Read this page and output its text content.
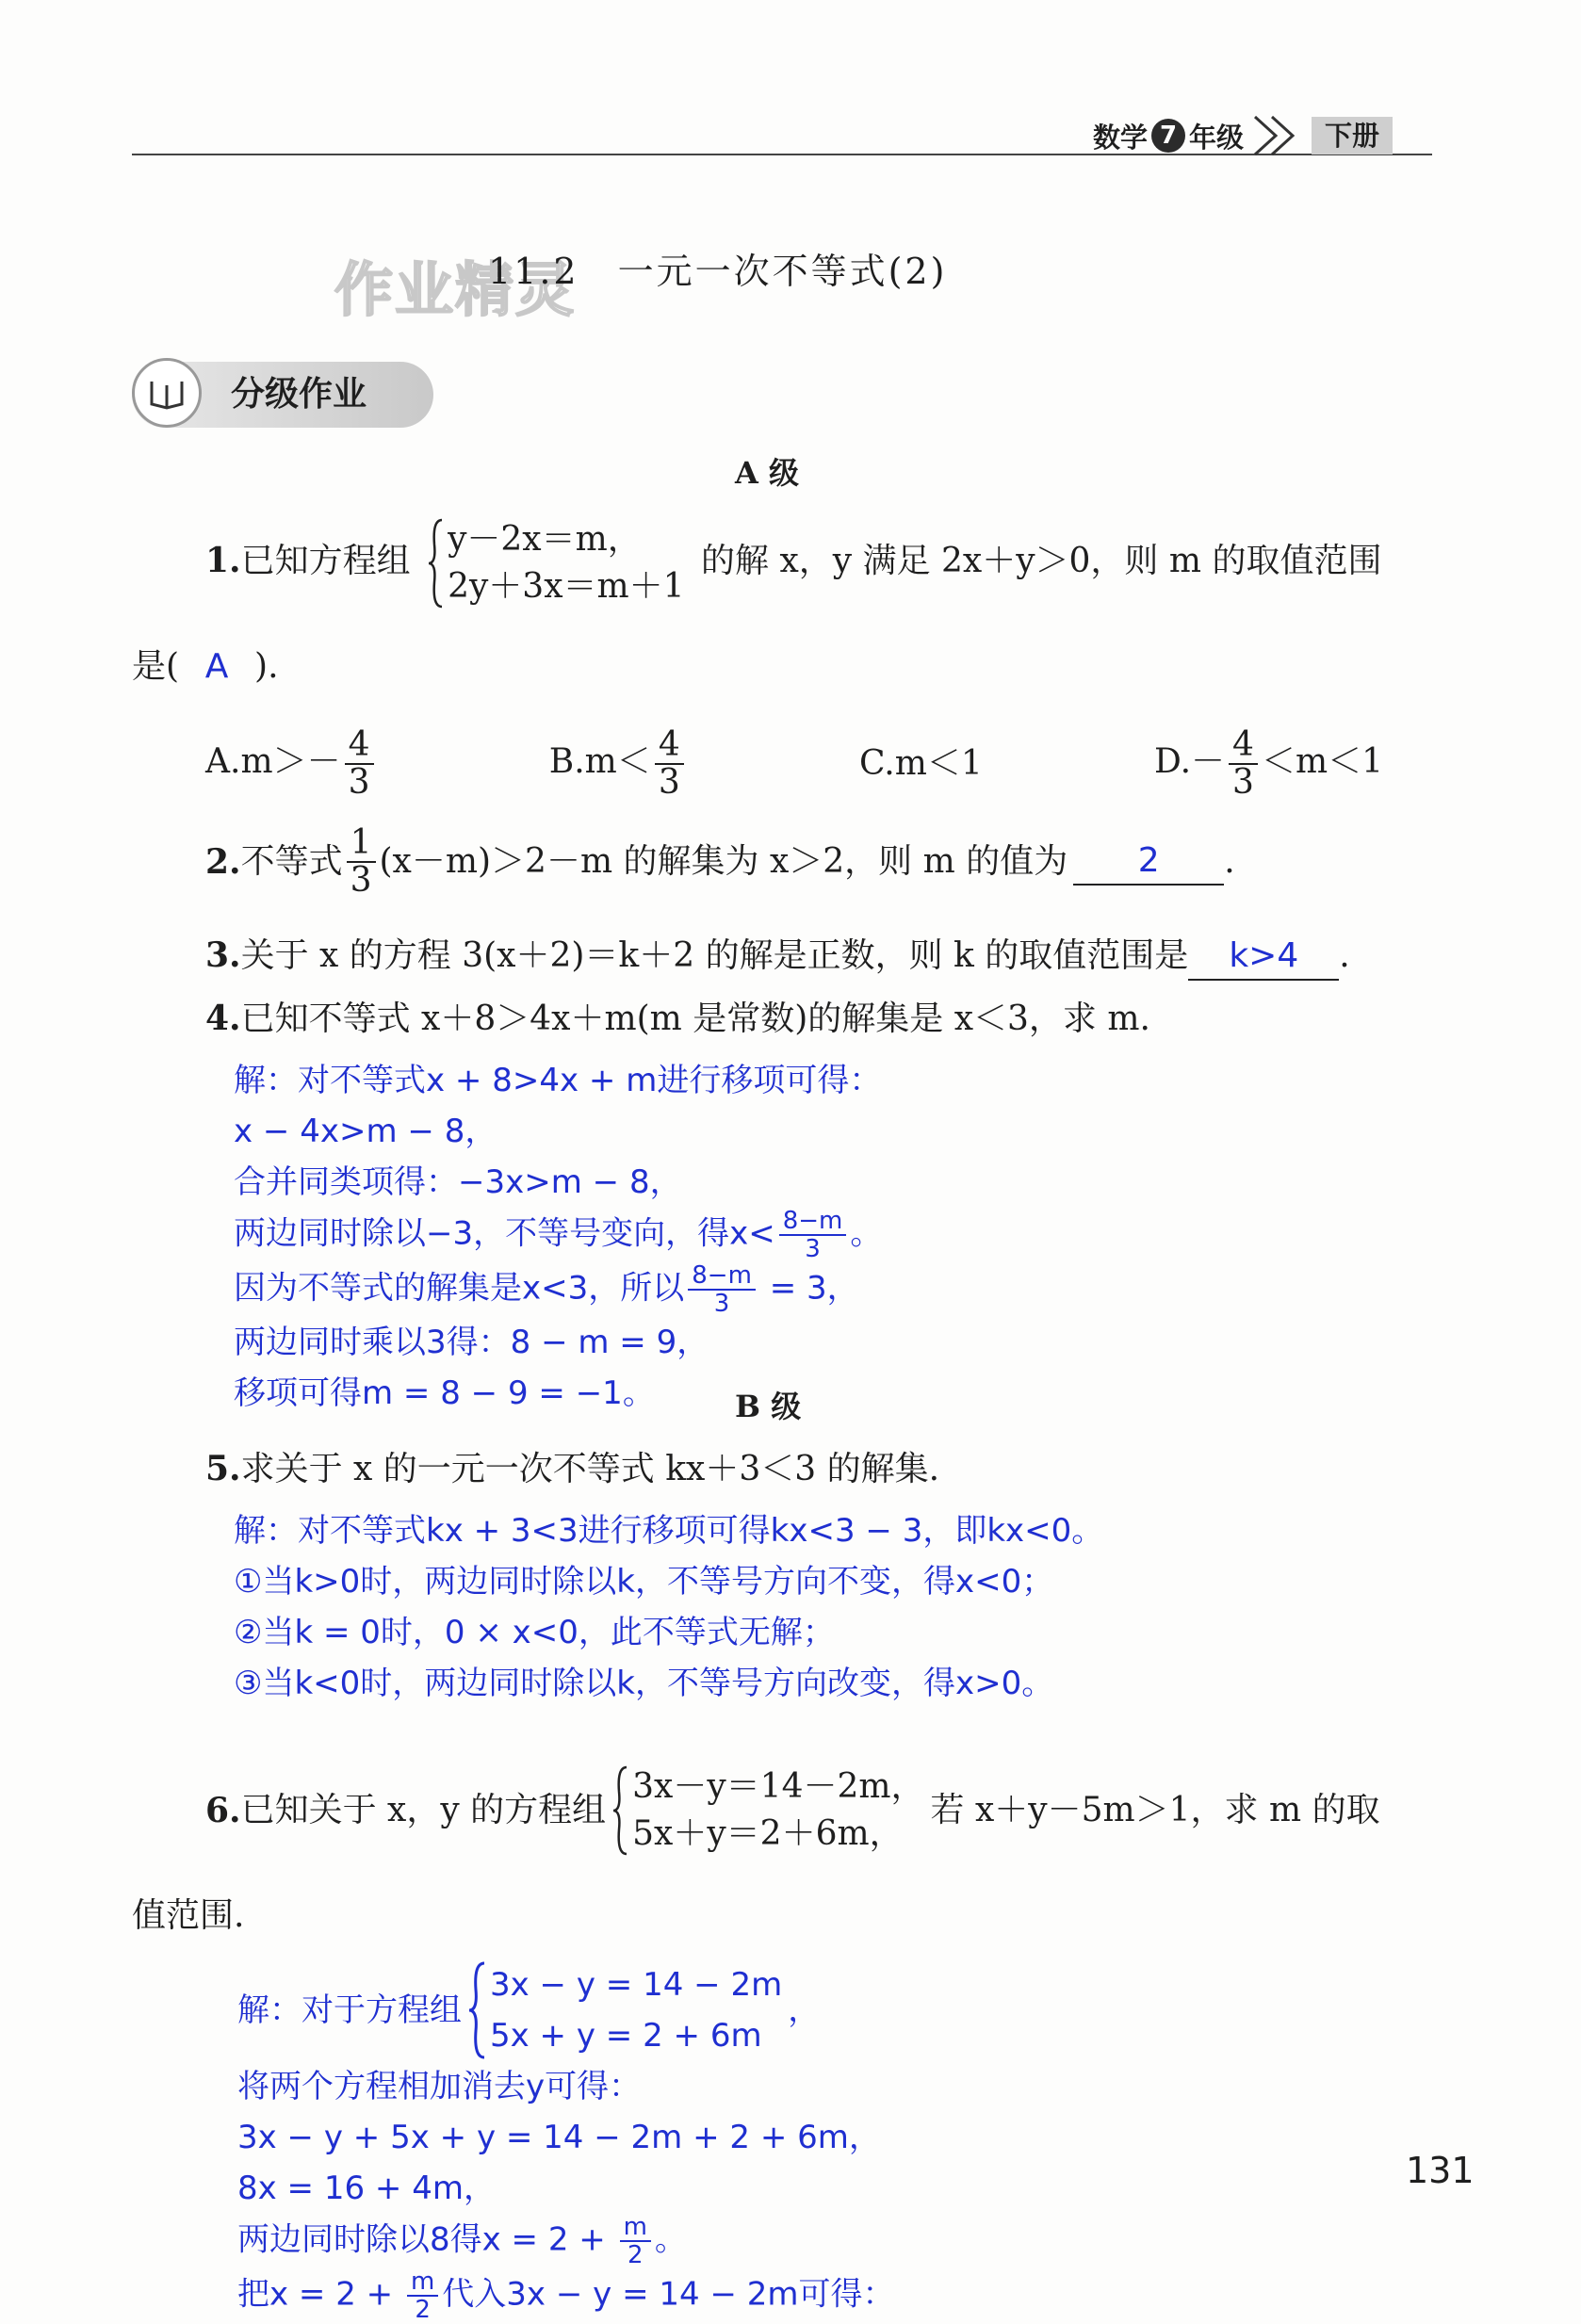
数学 7 年级	下册
作业精灵
11.2　一元一次不等式(2)
分级作业
A 级
1.已知方程组
y－2x＝m，
2y＋3x＝m＋1
的解 x，y 满足 2x＋y＞0，则 m 的取值范围
是( A ).
$A.m>- \frac{4}{3}$	$B.m< \frac{4}{3}$	C.m＜1	$D.- \frac{4}{3} <m<1$
2. 不等式 $\frac{1}{3} (x-m)>2-m$ 的解集为 x＞2，则 m 的值为	2	.
3.关于 x 的方程 3(x＋2)＝k＋2 的解是正数，则 k 的取值范围是 k>4 .
4.已知不等式 x＋8＞4x＋m(m 是常数)的解集是 x＜3，求 m.
解：对不等式x + 8>4x + m进行移项可得：
x − 4x>m − 8，
合并同类项得：−3x>m − 8，
两边同时除以−3，不等号变向，得$x< \frac{8-m}{3}$ 。
因为不等式的解集是x<3，所以 $\frac{8-m}{3} = 3$，
两边同时乘以3得：8 − m = 9，
移项可得m = 8 − 9 = −1。	B 级
5.求关于 x 的一元一次不等式 kx＋3＜3 的解集.
解：对不等式kx + 3<3进行移项可得kx<3 − 3，即kx<0。
①当k>0时，两边同时除以k，不等号方向不变，得x<0；
②当k = 0时，0 × x<0，此不等式无解；
③当k<0时，两边同时除以k，不等号方向改变，得x>0。
6. 已知关于 x，y 的方程组
3x－y＝14－2m，
5x＋y＝2＋6m，
若 x＋y－5m＞1，求 m 的取
值范围.
解：对于方程组
3x − y = 14 − 2m
5x + y = 2 + 6m
，
将两个方程相加消去y可得：
3x − y + 5x + y = 14 − 2m + 2 + 6m，
8x = 16 + 4m，
两边同时除以8得$x = 2 + \frac{m}{2}$ 。
把$x = 2 + \frac{m}{2}$ 代入3x − y = 14 − 2m可得：
131
